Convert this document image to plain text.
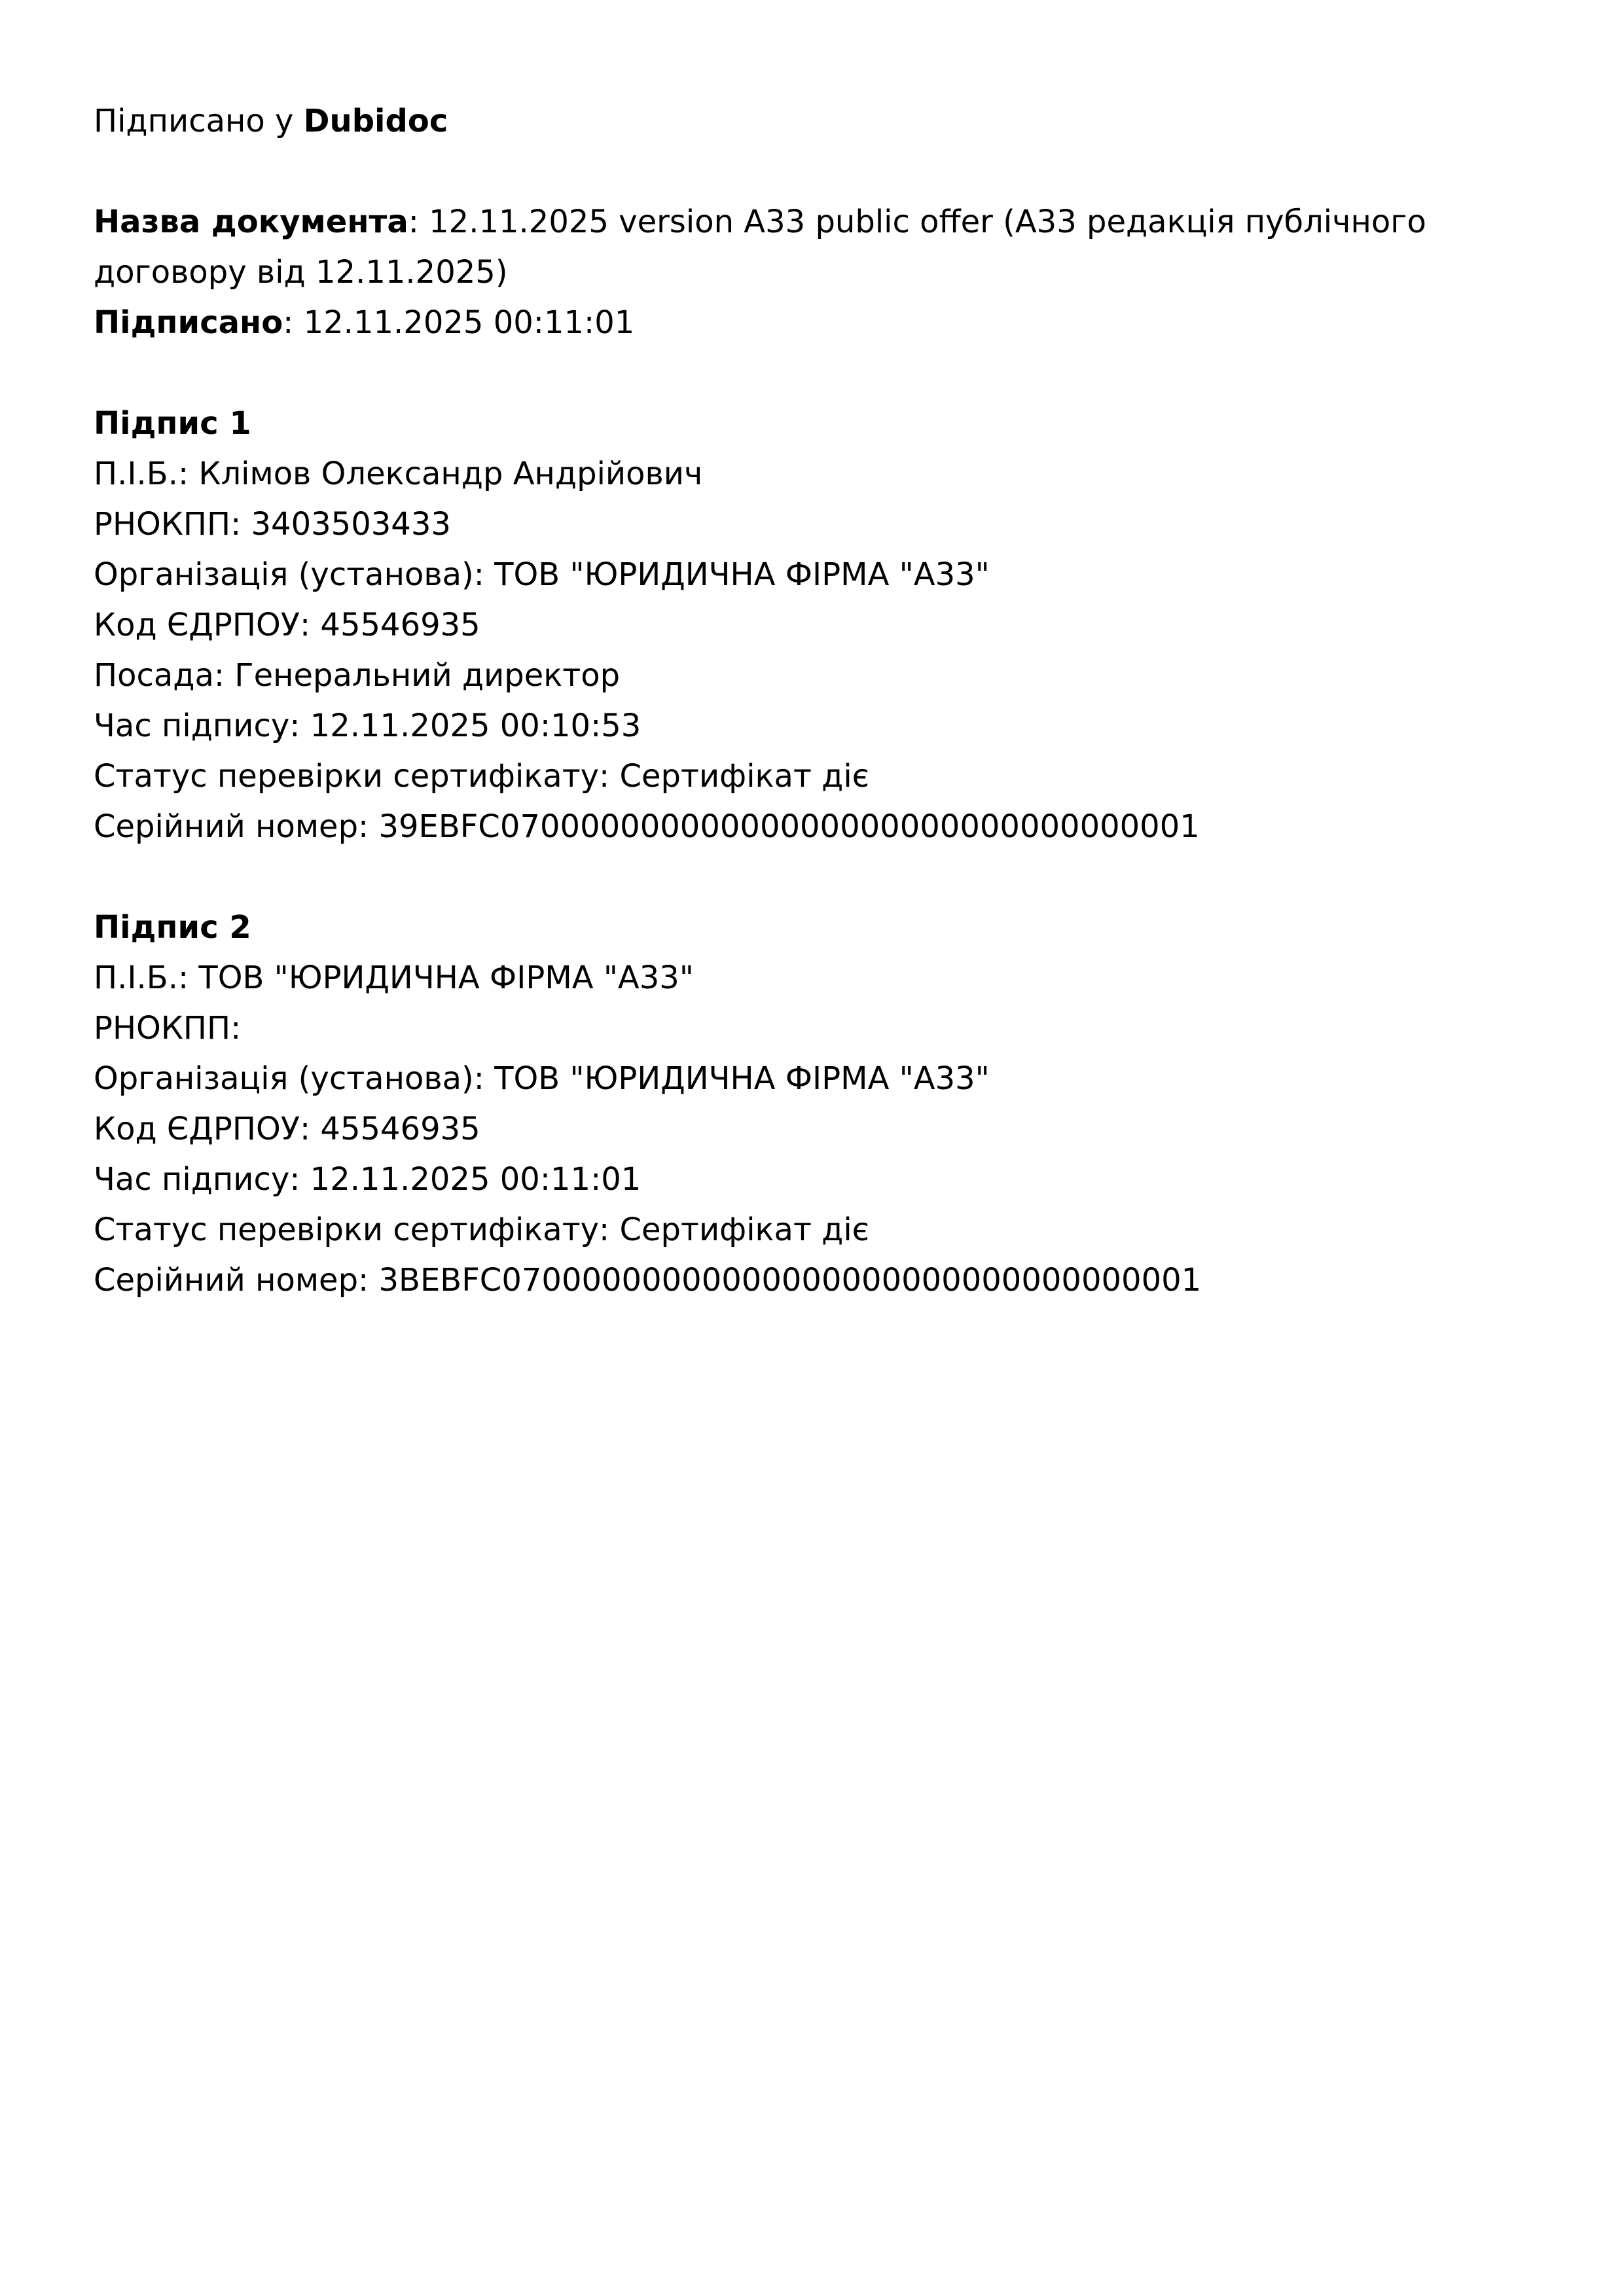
Підписано у Dubidoc
Назва документа: 12.11.2025 version A33 public offer (A33 редакція публічного договору від 12.11.2025)
Підписано: 12.11.2025 00:11:01
Підпис 1
П.І.Б.: Клімов Олександр Андрійович
РНОКПП: 3403503433
Організація (установа): ТОВ "ЮРИДИЧНА ФІРМА "А33"
Код ЄДРПОУ: 45546935
Посада: Генеральний директор
Час підпису: 12.11.2025 00:10:53
Статус перевірки сертифікату: Сертифікат діє
Серійний номер: 39EBFC07000000000000000000000000000000001
Підпис 2
П.І.Б.: ТОВ "ЮРИДИЧНА ФІРМА "А33"
РНОКПП:
Організація (установа): ТОВ "ЮРИДИЧНА ФІРМА "А33"
Код ЄДРПОУ: 45546935
Час підпису: 12.11.2025 00:11:01
Статус перевірки сертифікату: Сертифікат діє
Серійний номер: 3BEBFC07000000000000000000000000000000001
